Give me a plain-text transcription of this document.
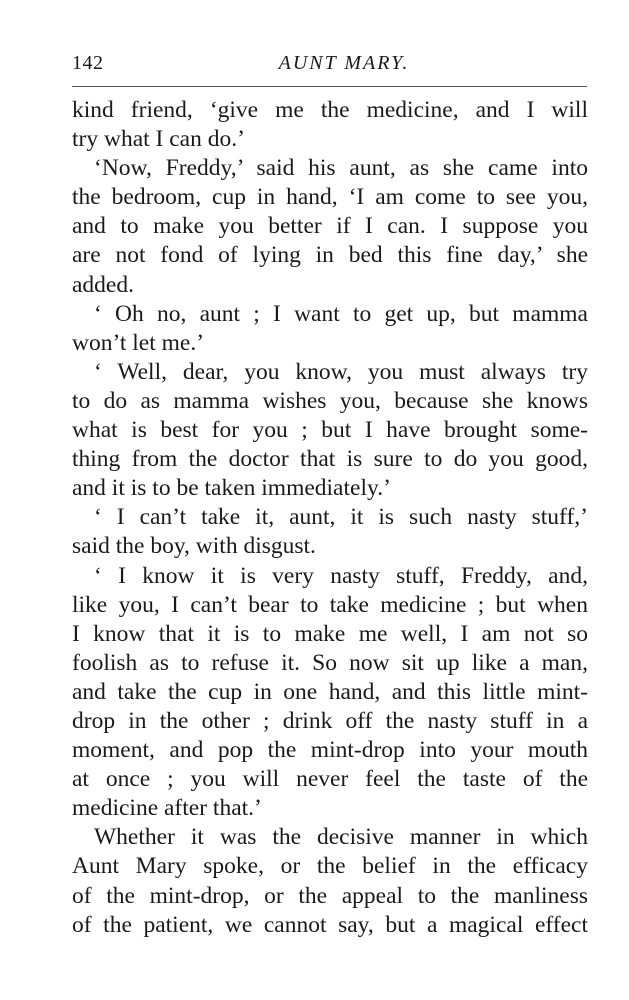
142	AUNT MARY.
kind friend, ‘give me the medicine, and I will
try what I can do.’
‘Now, Freddy,’ said his aunt, as she came into
the bedroom, cup in hand, ‘I am come to see you,
and to make you better if I can. I suppose you
are not fond of lying in bed this fine day,’ she
added.
‘ Oh no, aunt ; I want to get up, but mamma
won’t let me.’
‘ Well, dear, you know, you must always try
to do as mamma wishes you, because she knows
what is best for you ; but I have brought some-
thing from the doctor that is sure to do you good,
and it is to be taken immediately.’
‘ I can’t take it, aunt, it is such nasty stuff,’
said the boy, with disgust.
‘ I know it is very nasty stuff, Freddy, and,
like you, I can’t bear to take medicine ; but when
I know that it is to make me well, I am not so
foolish as to refuse it. So now sit up like a man,
and take the cup in one hand, and this little mint-
drop in the other ; drink off the nasty stuff in a
moment, and pop the mint-drop into your mouth
at once ; you will never feel the taste of the
medicine after that.’
Whether it was the decisive manner in which
Aunt Mary spoke, or the belief in the efficacy
of the mint-drop, or the appeal to the manliness
of the patient, we cannot say, but a magical effect
